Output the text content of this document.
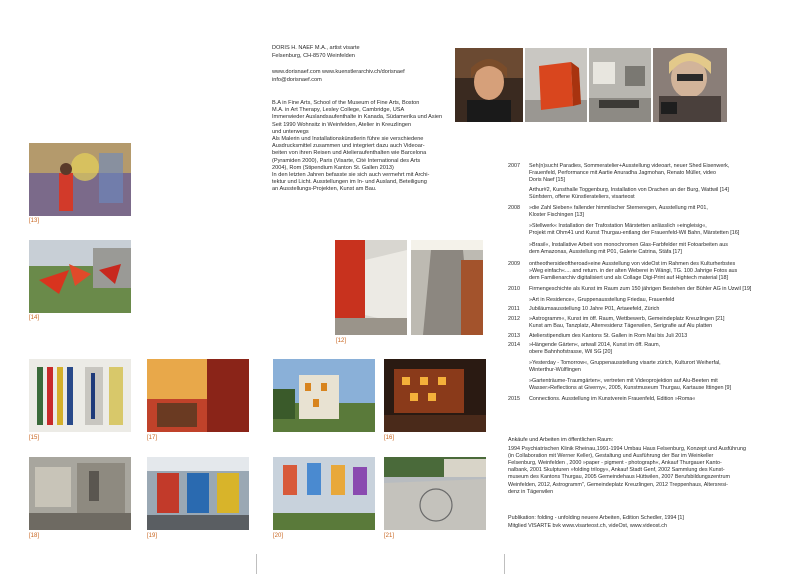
DORIS H. NAEF M.A., artist visarte
Felsenburg, CH-8570 Weinfelden
www.dorisnaef.com www.kuenstlerarchiv.ch/dorisnaef
info@dorisnaef.com
B.A in Fine Arts, School of the Museum of Fine Arts, Boston
M.A. in Art Therapy, Lesley College, Cambridge, USA
Immerwieder Auslandsaufenthalte in Kanada, Südamerika und Asien
Seit 1990 Wohnsitz in Weinfelden, Atelier in Kreuzlingen
und unterwegs
Als Malerin und Installationskünstlerin führe sie verschiedene
Ausdrucksmittel zusammen und integriert dazu auch Videoar-
beiten von ihren Reisen und Atelieraufenthalten wie Barcelona
(Pyramiden 2000), Paris (Visarte, Cité International des Arts
2004), Rom (Stipendium Kanton St. Gallen 2013)
In den letzten Jahren befasste sie sich auch vermehrt mit Archi-
tektur und Licht. Ausstellungen im In- und Ausland, Beteiligung
an Ausstellungs-Projekten, Kunst am Bau.
[13]
[14]
[12]
[15]	[17]	[16]
[18]	[19]	[20]	[21]
2007	Seh(n)sucht Paradies, Sommeratelier+Ausstellung videoart, neuer Shed Eisenwerk,
Frauenfeld, Performance mit Aartie Anuradha Jagmohan, Renato Müller, video
Doris Naef [15]
Arthur#2, Kunsthalle Toggenburg, Installation von Drachen an der Burg, Wattwil [14]
Sünfstern, offene Künstlerateliers, visarteost
2008	»die Zahl Sieben« fallender himmlischer Sterneregen, Ausstellung mit P01,
Kloster Fischingen [13]
»Stellwerk« Installation der Trafostation Märstetten anlässlich »eingleisig«,
Projekt mit Ohm41 und Kunst Thurgau-entlang der Frauenfeld-Wil Bahn, Märstetten [16]
»Brasil«, Installative Arbeit von monochromen Glas-Farbfelder mit Fotoarbeiten aus
dem Amazonas, Ausstellung mit P01, Galerie Catrina, Stäfa [17]
2009	ontheothersideoftheroad«eine Ausstellung von videOst im Rahmen des Kulturherbstes
»Weg einfach«.... and return. in der alten Weberei in Wängi, TG. 100 Jahrige Fotos aus
dem Familienarchiv digitalisiert und als Collage Digi-Print auf Hightech material [18]
2010	Firmengeschichte als Kunst im Raum zum 150 jährigen Bestehen der Bühler AG in Uzwil [19]
»Art in Residence«, Gruppenausstellung Friedau, Frauenfeld
2011	Jubiläumsausstellung 10 Jahre P01, Artaeefeld, Zürich
2012	»Astrogramm«, Kunst im öff. Raum, Wettbewerb, Gemeindeplatz Kreuzlingen [21]
Kunst am Bau, Tanzplatz, Alterresidenz Tägerwilen, Serigrafie auf Alu platten
2013	Atelierstipendium des Kantons St. Gallen in Rom Mai bis Juli 2013
2014	»Hängende Gärten«, artwall 2014, Kunst im öff. Raum,
obere Bahnhofstrasse, Wil SG [20]
»Yesterday - Tomorrow«, Gruppenausstellung visarte zürich, Kulturort Weiherfal,
Winterthur-Wülflingen
»Gartenträume-Traumgärten«, vertreten mit Videoprojektion auf Alu-Beeten mit
Wasser»Reflections at Giverny«, 2005, Kunstmuseum Thurgau, Kartause Ittingen [9]
2015	Connections. Ausstellung im Kunstverein Frauenfeld, Edition »Roma«
Ankäufe und Arbeiten im öffentlichen Raum:
1994 Psychiatrischen Klinik Rheinau,1991-1994 Umbau Haus Felsenburg, Konzept und Ausführung
(in Collaboration mit Werner Keller), Gestaltung und Ausführung der Bar im Weinkeller
Felsenburg, Weinfelden , 2000 »paper - pigment - photograph«, Ankauf Thurgauer Kanto-
nalbank, 2001 Skulpturen »folding trilogy«, Ankauf Stadt Genf, 2002 Sammlung des Kunst-
museum des Kantons Thurgau, 2005 Gemeindehaus Hüttwilen, 2007 Berufsbildungszentrum
Weinfelden, 2012, Astrogramm", Gemeindeplatz Kreuzlingen, 2012 Treppenhaus, Altersresi-
denz in Tägerwilen
Publikation: folding - unfolding neuere Arbeiten, Edition Schedler, 1994 [1]
Mitglied VISARTE bvk www.visarteost.ch, videOst, www.videost.ch
